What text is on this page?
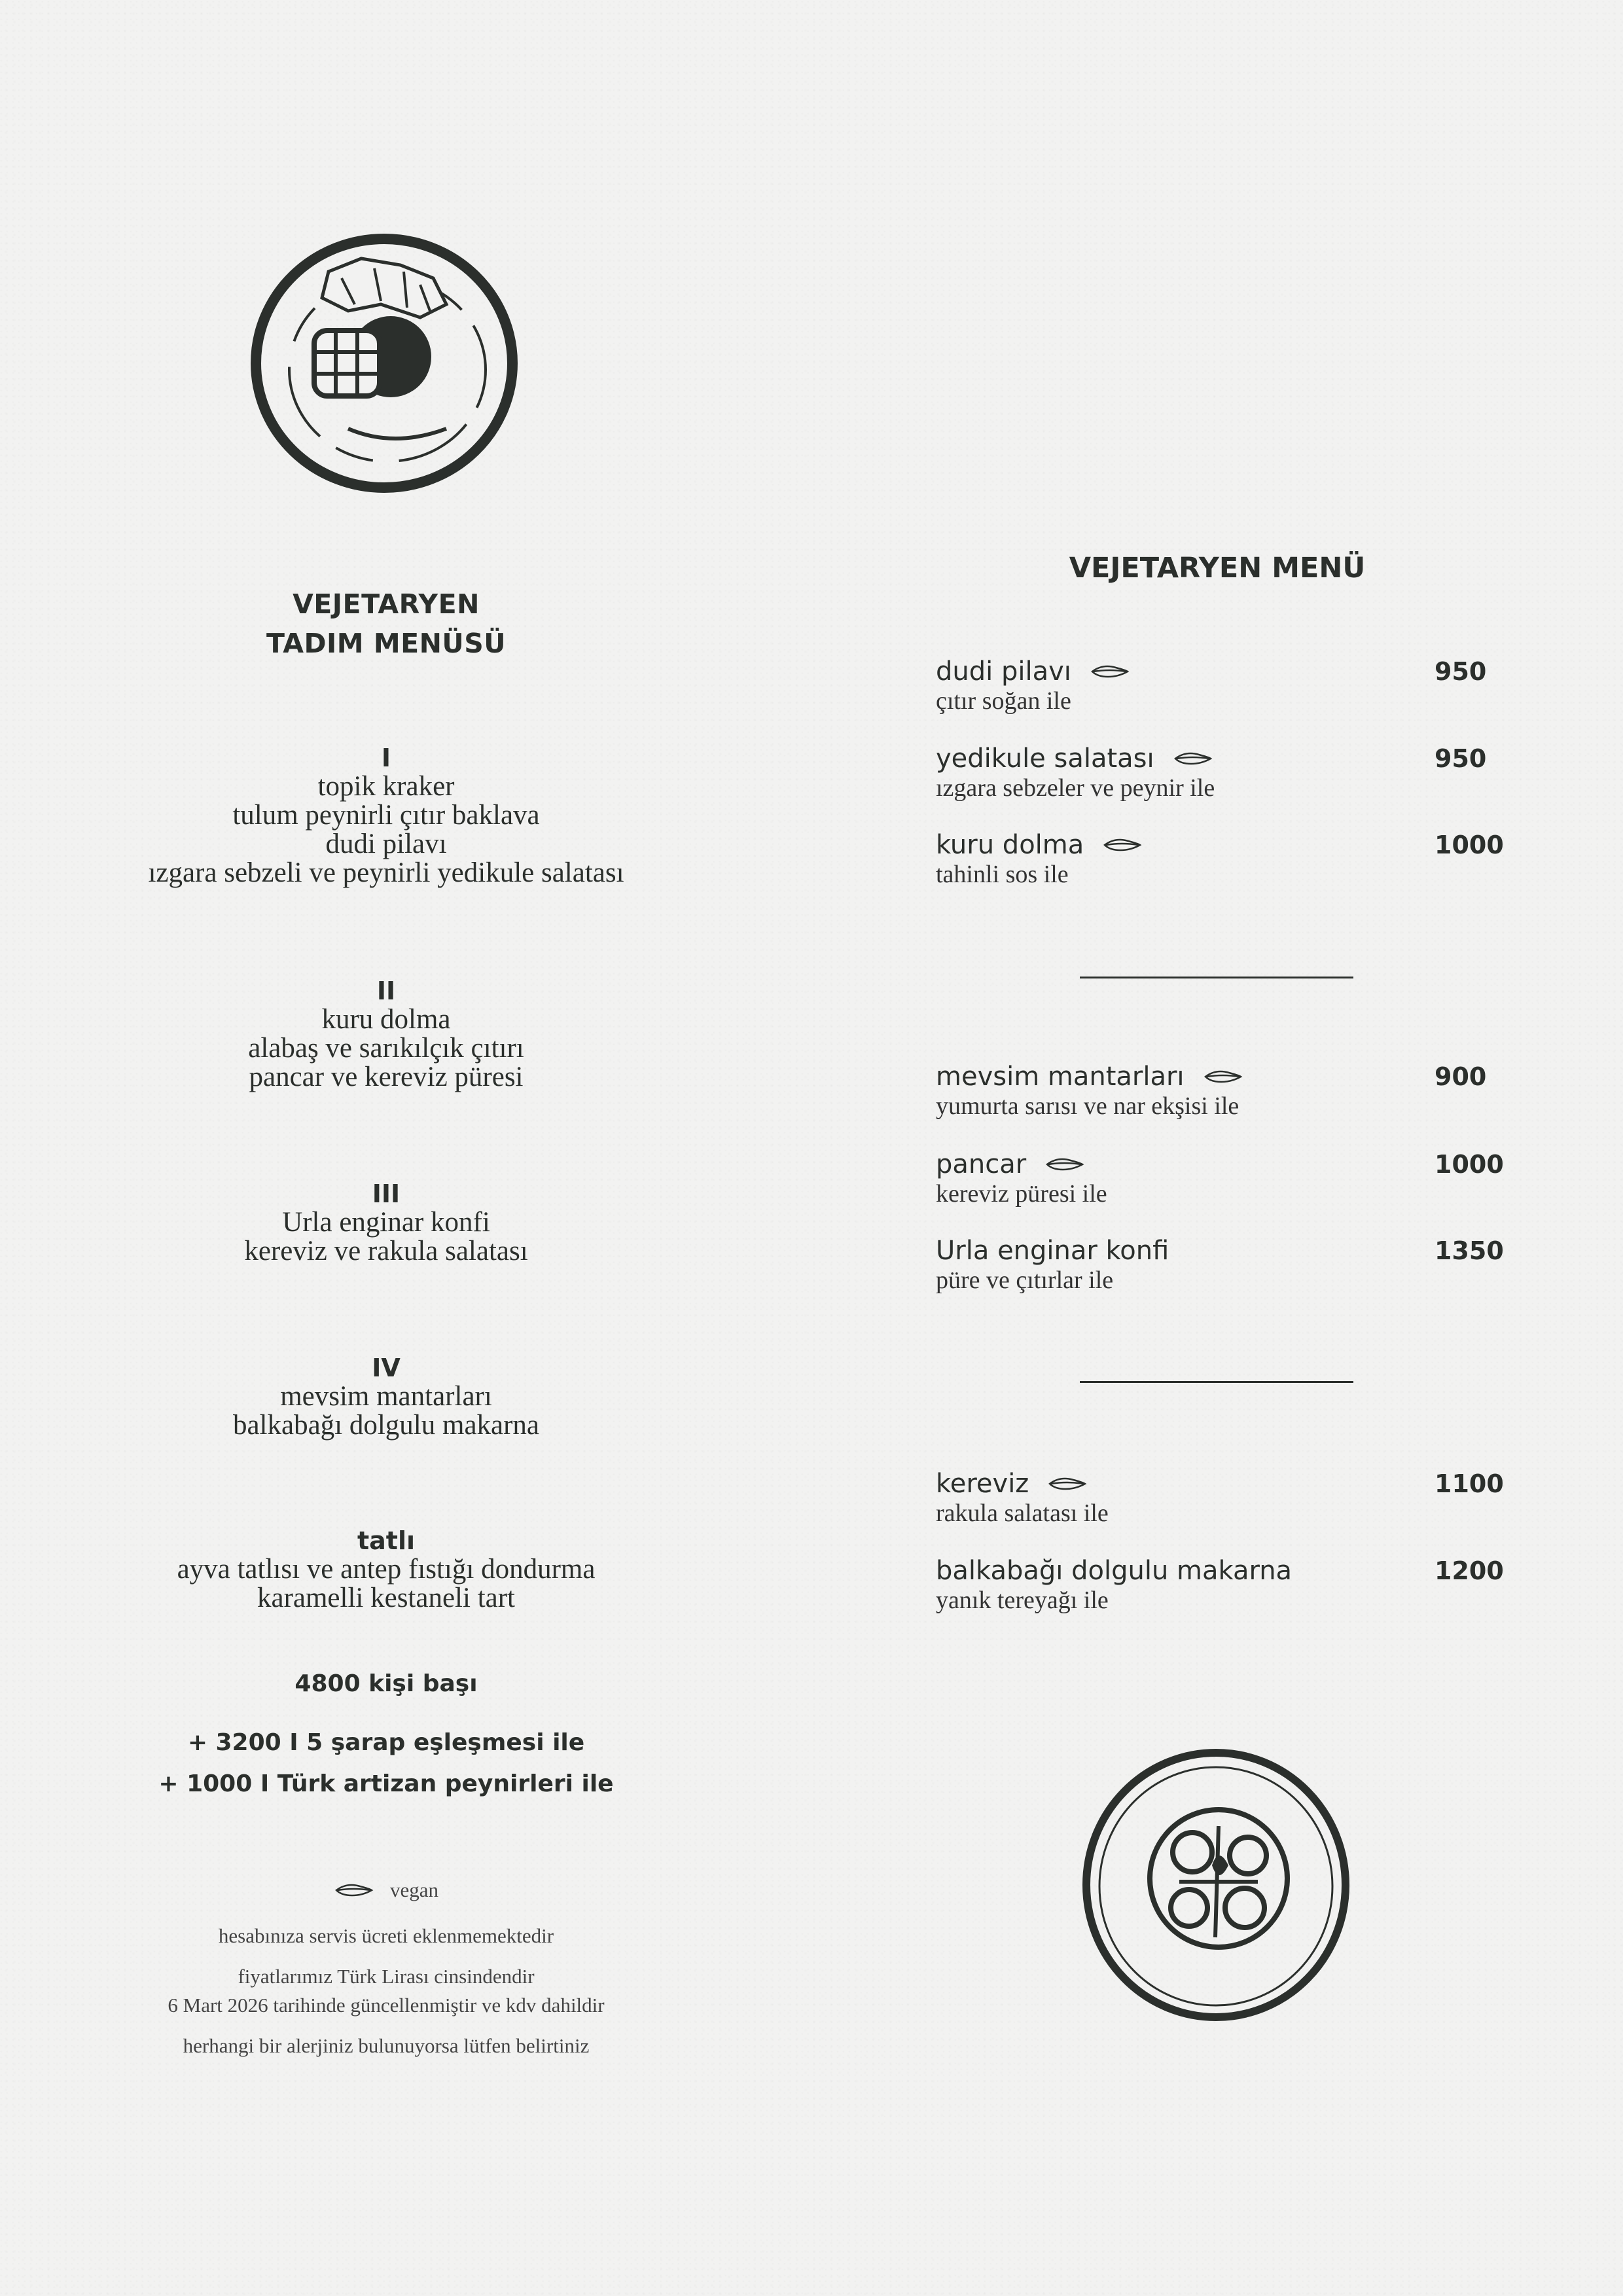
VEJETARYEN
TADIM MENÜSÜ
I
topik kraker
tulum peynirli çıtır baklava
dudi pilavı
ızgara sebzeli ve peynirli yedikule salatası
II
kuru dolma
alabaş ve sarıkılçık çıtırı
pancar ve kereviz püresi
III
Urla enginar konfi
kereviz ve rakula salatası
IV
mevsim mantarları
balkabağı dolgulu makarna
tatlı
ayva tatlısı ve antep fıstığı dondurma
karamelli kestaneli tart
4800 kişi başı
+ 3200 I 5 şarap eşleşmesi ile
+ 1000 I Türk artizan peynirleri ile
vegan
hesabınıza servis ücreti eklenmemektedir
fiyatlarımız Türk Lirası cinsindendir
6 Mart 2026 tarihinde güncellenmiştir ve kdv dahildir
herhangi bir alerjiniz bulunuyorsa lütfen belirtiniz
VEJETARYEN MENÜ
dudi pilavı
çıtır soğan ile
950
yedikule salatası
ızgara sebzeler ve peynir ile
950
kuru dolma
tahinli sos ile
1000
mevsim mantarları
yumurta sarısı ve nar ekşisi ile
900
pancar
kereviz püresi ile
1000
Urla enginar konfi
püre ve çıtırlar ile
1350
kereviz
rakula salatası ile
1100
balkabağı dolgulu makarna
yanık tereyağı ile
1200
